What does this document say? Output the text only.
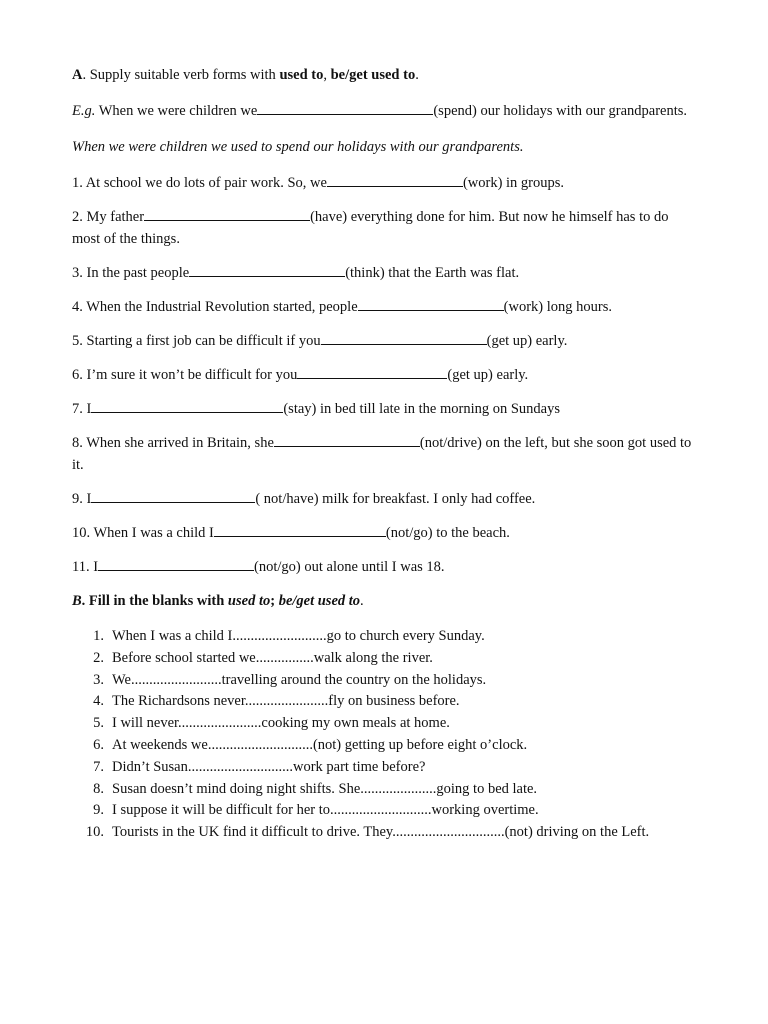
A. Supply suitable verb forms with used to, be/get used to.

E.g. When we were children we	(spend) our holidays with our grandparents.

When we were children we used to spend our holidays with our grandparents.

1. At school we do lots of pair work. So, we	(work) in groups.

2. My father	(have) everything done for him. But now he himself has to do most of the things.

3. In the past people	(think) that the Earth was flat.

4. When the Industrial Revolution started, people	(work) long hours.

5. Starting a first job can be difficult if you	(get up) early.

6. I’m sure it won’t be difficult for you	(get up) early.

7. I	(stay) in bed till late in the morning on Sundays

8. When she arrived in Britain, she	(not/drive) on the left, but she soon got used to it.

9. I	( not/have) milk for breakfast. I only had coffee.

10. When I was a child I	(not/go) to the beach.

11. I	(not/go) out alone until I was 18.

B. Fill in the blanks with used to; be/get used to.

1. When I was a child I..........................go to church every Sunday.
2. Before school started we................walk along the river.
3. We.........................travelling around the country on the holidays.
4. The Richardsons never.......................fly on business before.
5. I will never.......................cooking my own meals at home.
6. At weekends we.............................(not) getting up before eight o’clock.
7. Didn’t Susan.............................work part time before?
8. Susan doesn’t mind doing night shifts. She.....................going to bed late.
9. I suppose it will be difficult for her to............................working overtime.
10. Tourists in the UK find it difficult to drive. They...............................(not) driving on the Left.
